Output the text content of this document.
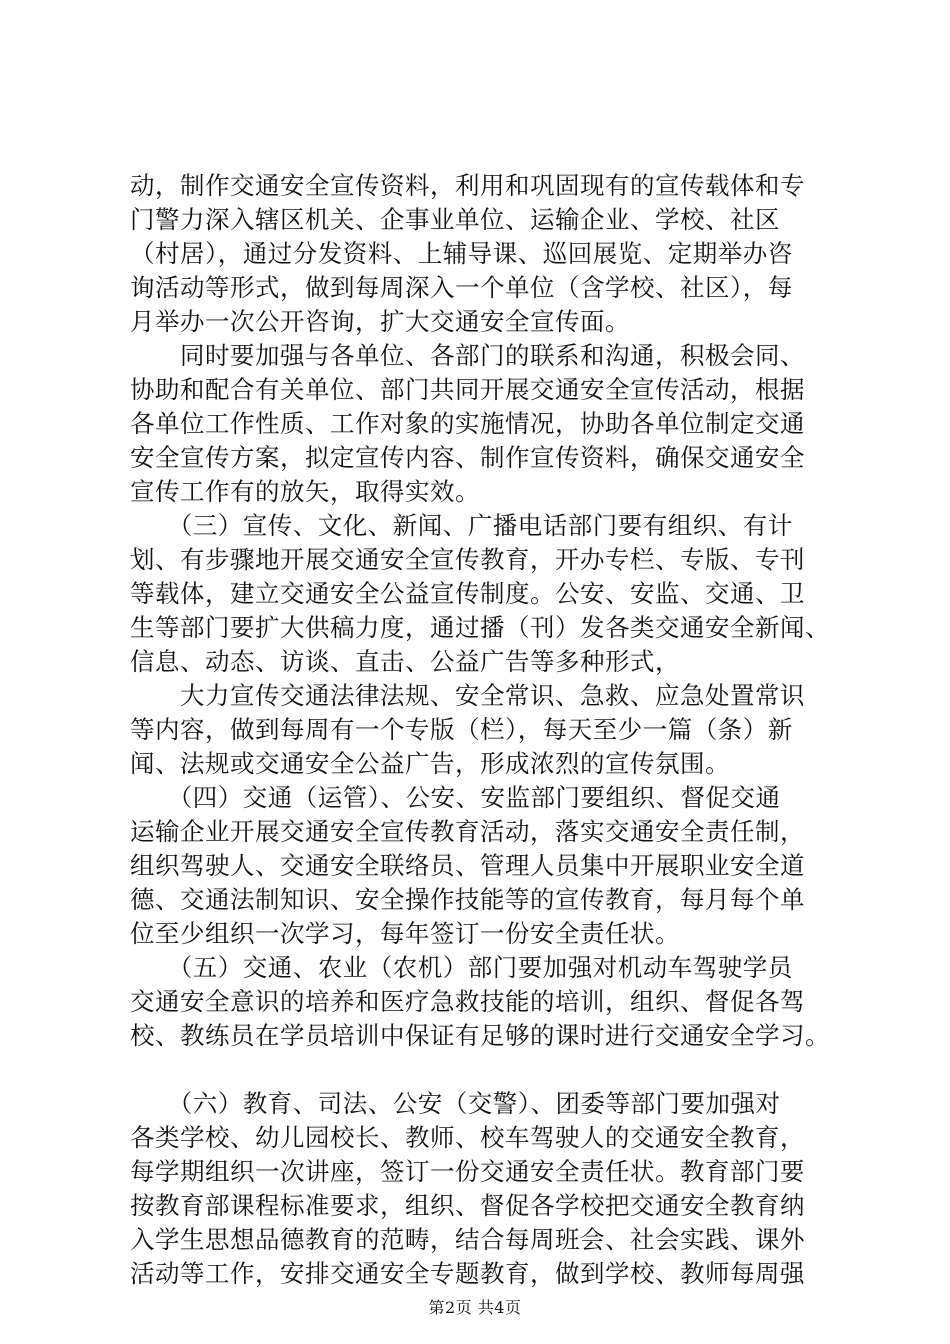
动，制作交通安全宣传资料，利用和巩固现有的宣传载体和专
门警力深入辖区机关、企事业单位、运输企业、学校、社区
（村居），通过分发资料、上辅导课、巡回展览、定期举办咨
询活动等形式，做到每周深入一个单位（含学校、社区），每
月举办一次公开咨询，扩大交通安全宣传面。
　　同时要加强与各单位、各部门的联系和沟通，积极会同、
协助和配合有关单位、部门共同开展交通安全宣传活动，根据
各单位工作性质、工作对象的实施情况，协助各单位制定交通
安全宣传方案，拟定宣传内容、制作宣传资料，确保交通安全
宣传工作有的放矢，取得实效。
　　（三）宣传、文化、新闻、广播电话部门要有组织、有计
划、有步骤地开展交通安全宣传教育，开办专栏、专版、专刊
等载体，建立交通安全公益宣传制度。公安、安监、交通、卫
生等部门要扩大供稿力度，通过播（刊）发各类交通安全新闻、
信息、动态、访谈、直击、公益广告等多种形式，
　　大力宣传交通法律法规、安全常识、急救、应急处置常识
等内容，做到每周有一个专版（栏），每天至少一篇（条）新
闻、法规或交通安全公益广告，形成浓烈的宣传氛围。
　　（四）交通（运管）、公安、安监部门要组织、督促交通
运输企业开展交通安全宣传教育活动，落实交通安全责任制，
组织驾驶人、交通安全联络员、管理人员集中开展职业安全道
德、交通法制知识、安全操作技能等的宣传教育，每月每个单
位至少组织一次学习，每年签订一份安全责任状。
　　（五）交通、农业（农机）部门要加强对机动车驾驶学员
交通安全意识的培养和医疗急救技能的培训，组织、督促各驾
校、教练员在学员培训中保证有足够的课时进行交通安全学习。
　　（六）教育、司法、公安（交警）、团委等部门要加强对
各类学校、幼儿园校长、教师、校车驾驶人的交通安全教育，
每学期组织一次讲座，签订一份交通安全责任状。教育部门要
按教育部课程标准要求，组织、督促各学校把交通安全教育纳
入学生思想品德教育的范畴，结合每周班会、社会实践、课外
活动等工作，安排交通安全专题教育，做到学校、教师每周强
第2页 共4页
